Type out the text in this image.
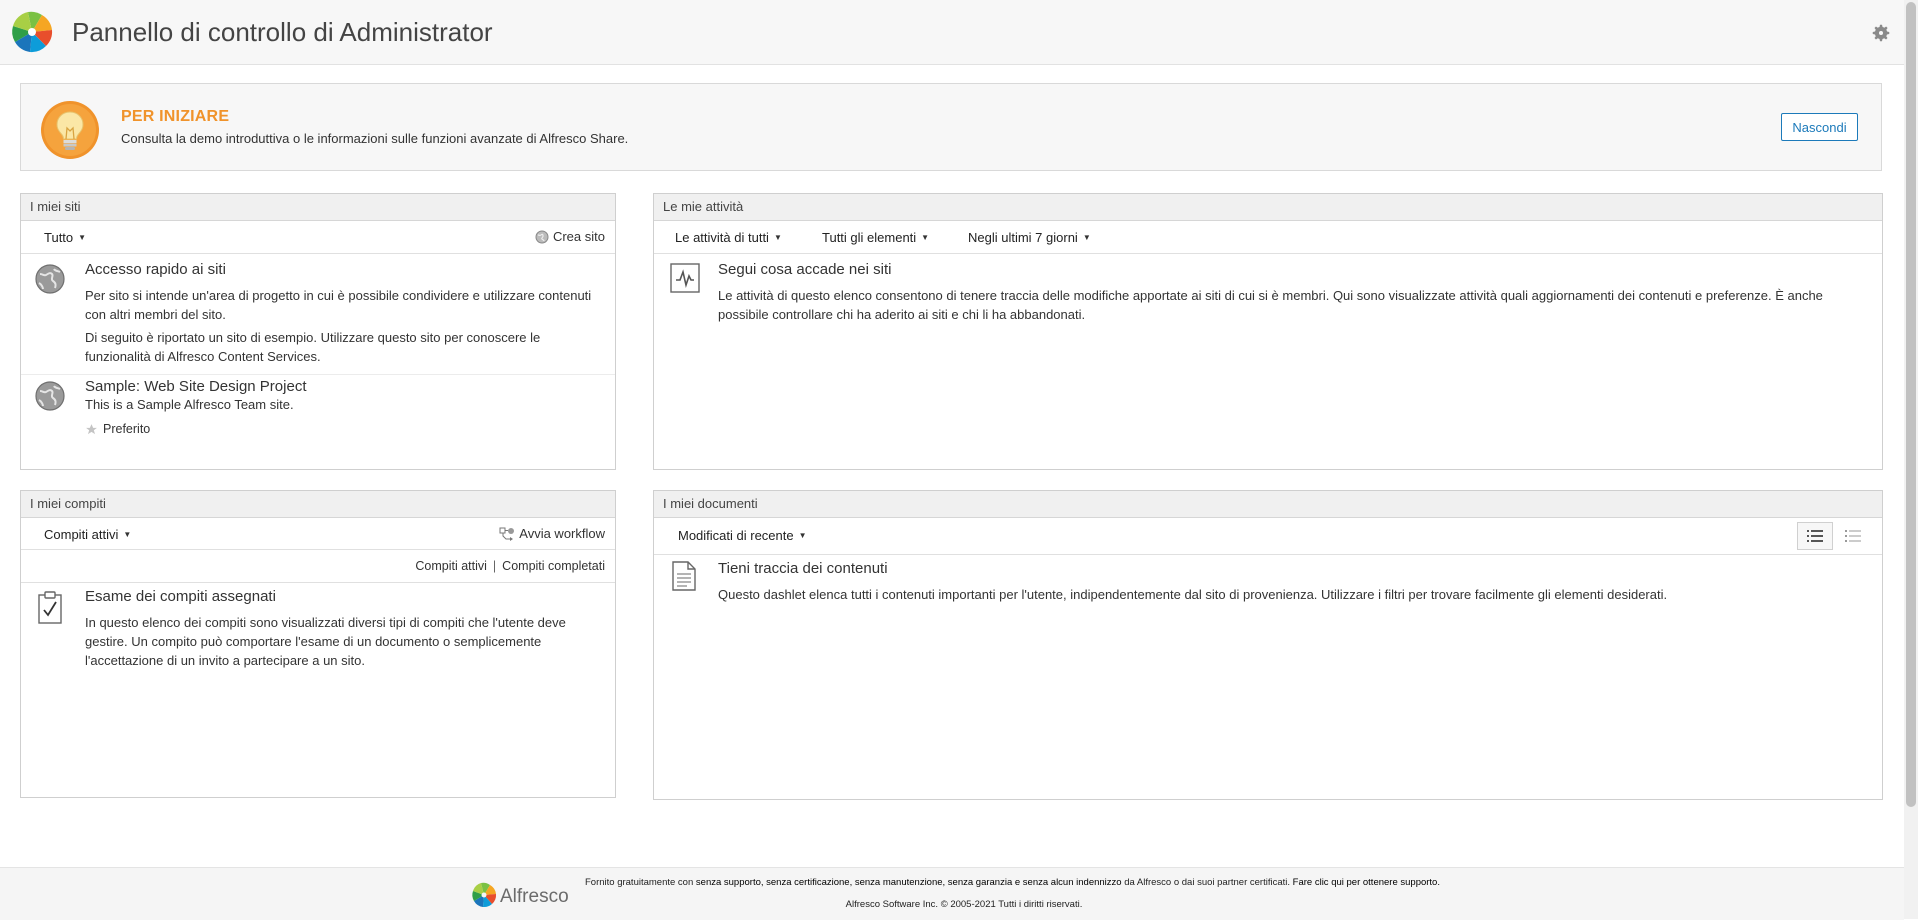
Pannello di controllo di Administrator
PER INIZIARE
Consulta la demo introduttiva o le informazioni sulle funzioni avanzate di Alfresco Share.
Nascondi
I miei siti
Tutto ▼	Crea sito
Accesso rapido ai siti
Per sito si intende un'area di progetto in cui è possibile condividere e utilizzare contenuti con altri membri del sito.
Di seguito è riportato un sito di esempio. Utilizzare questo sito per conoscere le funzionalità di Alfresco Content Services.
Sample: Web Site Design Project
This is a Sample Alfresco Team site.
Preferito
Le mie attività
Le attività di tutti ▼	Tutti gli elementi ▼	Negli ultimi 7 giorni ▼
Segui cosa accade nei siti
Le attività di questo elenco consentono di tenere traccia delle modifiche apportate ai siti di cui si è membri. Qui sono visualizzate attività quali aggiornamenti dei contenuti e preferenze. È anche possibile controllare chi ha aderito ai siti e chi li ha abbandonati.
I miei compiti
Compiti attivi ▼	Avvia workflow
Compiti attivi | Compiti completati
Esame dei compiti assegnati
In questo elenco dei compiti sono visualizzati diversi tipi di compiti che l'utente deve gestire. Un compito può comportare l'esame di un documento o semplicemente l'accettazione di un invito a partecipare a un sito.
I miei documenti
Modificati di recente ▼
Tieni traccia dei contenuti
Questo dashlet elenca tutti i contenuti importanti per l'utente, indipendentemente dal sito di provenienza. Utilizzare i filtri per trovare facilmente gli elementi desiderati.
Alfresco
Fornito gratuitamente con senza supporto, senza certificazione, senza manutenzione, senza garanzia e senza alcun indennizzo da Alfresco o dai suoi partner certificati. Fare clic qui per ottenere supporto.
Alfresco Software Inc. © 2005-2021 Tutti i diritti riservati.
